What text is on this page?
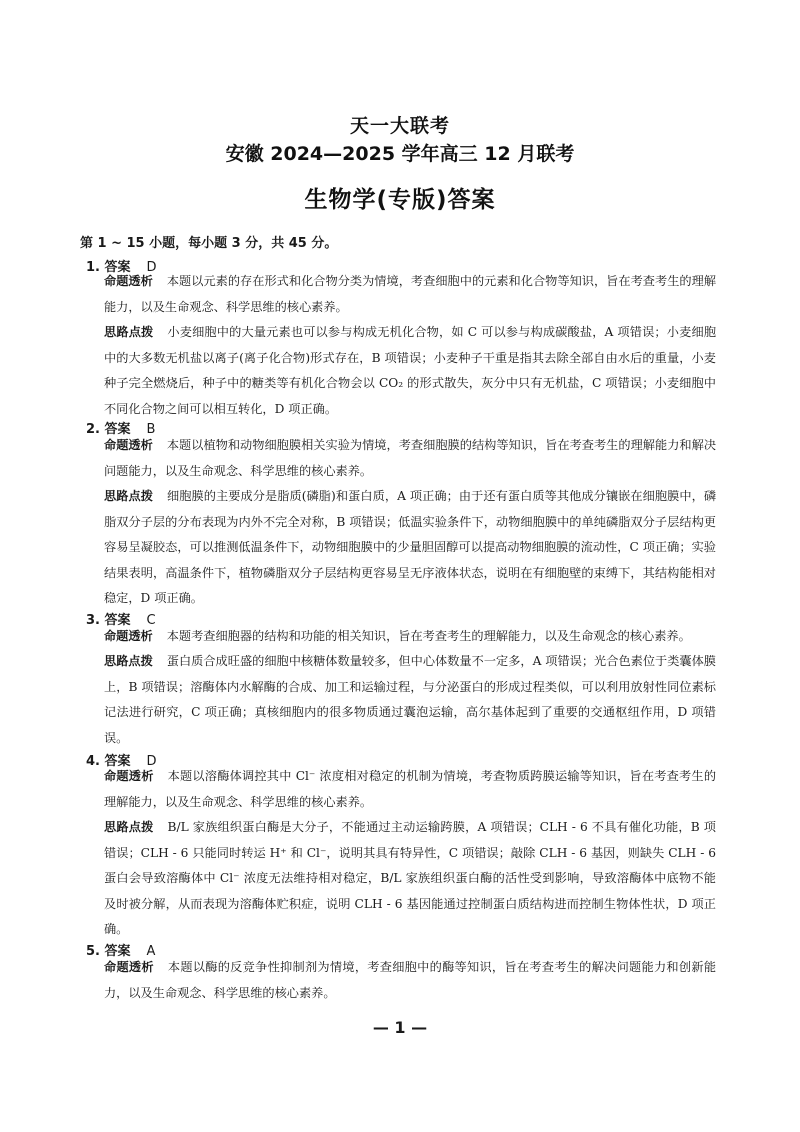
天一大联考
安徽 2024—2025 学年高三 12 月联考
生物学(专版)答案
第 1 ~ 15 小题，每小题 3 分，共 45 分。
1. 答案 D
命题透析 本题以元素的存在形式和化合物分类为情境，考查细胞中的元素和化合物等知识，旨在考查考生的理解能力，以及生命观念、科学思维的核心素养。
思路点拨 小麦细胞中的大量元素也可以参与构成无机化合物，如 C 可以参与构成碳酸盐，A 项错误；小麦细胞中的大多数无机盐以离子(离子化合物)形式存在，B 项错误；小麦种子干重是指其去除全部自由水后的重量，小麦种子完全燃烧后，种子中的糖类等有机化合物会以 CO₂ 的形式散失，灰分中只有无机盐，C 项错误；小麦细胞中不同化合物之间可以相互转化，D 项正确。
2. 答案 B
命题透析 本题以植物和动物细胞膜相关实验为情境，考查细胞膜的结构等知识，旨在考查考生的理解能力和解决问题能力，以及生命观念、科学思维的核心素养。
思路点拨 细胞膜的主要成分是脂质(磷脂)和蛋白质，A 项正确；由于还有蛋白质等其他成分镶嵌在细胞膜中，磷脂双分子层的分布表现为内外不完全对称，B 项错误；低温实验条件下，动物细胞膜中的单纯磷脂双分子层结构更容易呈凝胶态，可以推测低温条件下，动物细胞膜中的少量胆固醇可以提高动物细胞膜的流动性，C 项正确；实验结果表明，高温条件下，植物磷脂双分子层结构更容易呈无序液体状态，说明在有细胞壁的束缚下，其结构能相对稳定，D 项正确。
3. 答案 C
命题透析 本题考查细胞器的结构和功能的相关知识，旨在考查考生的理解能力，以及生命观念的核心素养。
思路点拨 蛋白质合成旺盛的细胞中核糖体数量较多，但中心体数量不一定多，A 项错误；光合色素位于类囊体膜上，B 项错误；溶酶体内水解酶的合成、加工和运输过程，与分泌蛋白的形成过程类似，可以利用放射性同位素标记法进行研究，C 项正确；真核细胞内的很多物质通过囊泡运输，高尔基体起到了重要的交通枢纽作用，D 项错误。
4. 答案 D
命题透析 本题以溶酶体调控其中 Cl⁻ 浓度相对稳定的机制为情境，考查物质跨膜运输等知识，旨在考查考生的理解能力，以及生命观念、科学思维的核心素养。
思路点拨 B/L 家族组织蛋白酶是大分子，不能通过主动运输跨膜，A 项错误；CLH - 6 不具有催化功能，B 项错误；CLH - 6 只能同时转运 H⁺ 和 Cl⁻，说明其具有特异性，C 项错误；敲除 CLH - 6 基因，则缺失 CLH - 6 蛋白会导致溶酶体中 Cl⁻ 浓度无法维持相对稳定，B/L 家族组织蛋白酶的活性受到影响，导致溶酶体中底物不能及时被分解，从而表现为溶酶体贮积症，说明 CLH - 6 基因能通过控制蛋白质结构进而控制生物体性状，D 项正确。
5. 答案 A
命题透析 本题以酶的反竞争性抑制剂为情境，考查细胞中的酶等知识，旨在考查考生的解决问题能力和创新能力，以及生命观念、科学思维的核心素养。
— 1 —
